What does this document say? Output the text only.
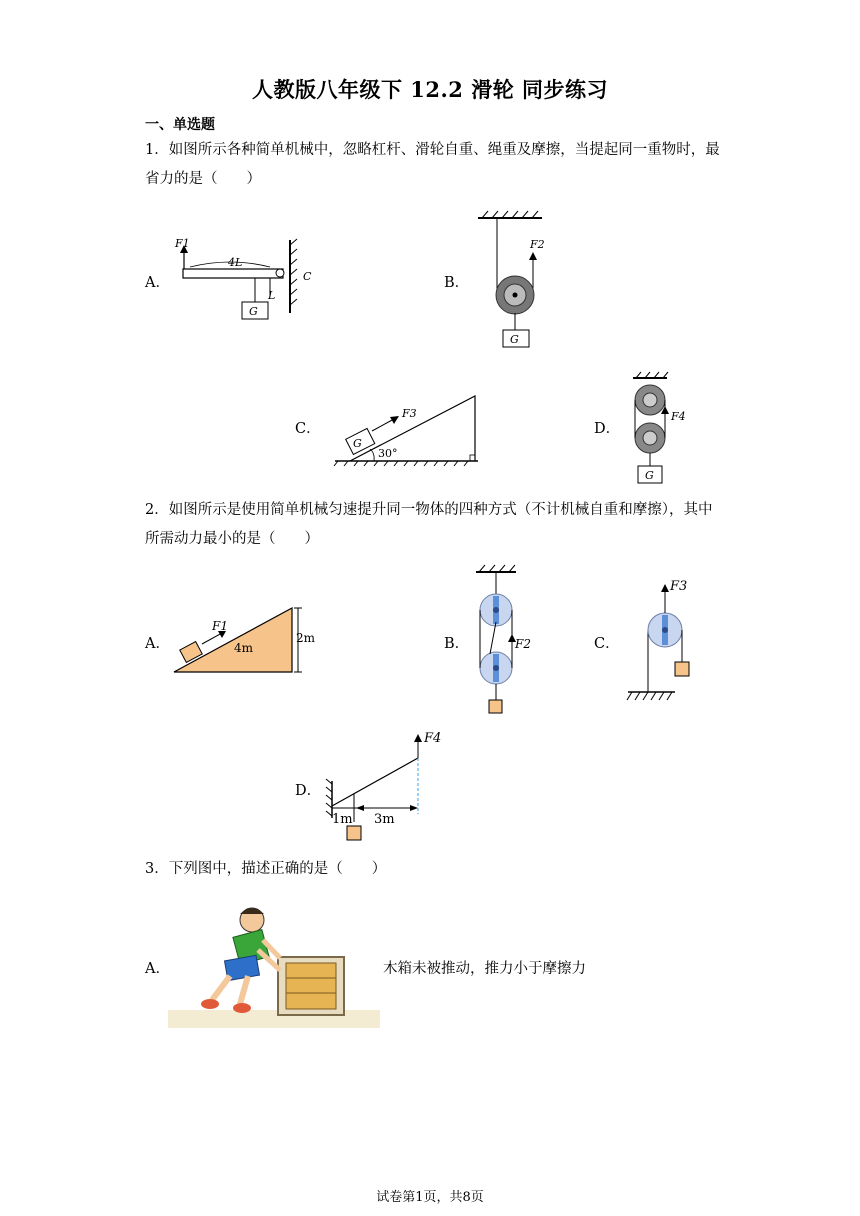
人教版八年级下 12.2 滑轮 同步练习
一、单选题
1．如图所示各种简单机械中，忽略杠杆、滑轮自重、绳重及摩擦，当提起同一重物时，最省力的是（　　）
A．
F1
4L
L
C
G
B．
F2
G
C．
G
F3
30°
D．
F4
G
2．如图所示是使用简单机械匀速提升同一物体的四种方式（不计机械自重和摩擦），其中所需动力最小的是（　　）
A．
F1
4m
2m	B．	F2	C．
F3
D．
F4
1m 3m
3．下列图中，描述正确的是（　　）
A．	木箱未被推动，推力小于摩擦力
试卷第1页，共8页
